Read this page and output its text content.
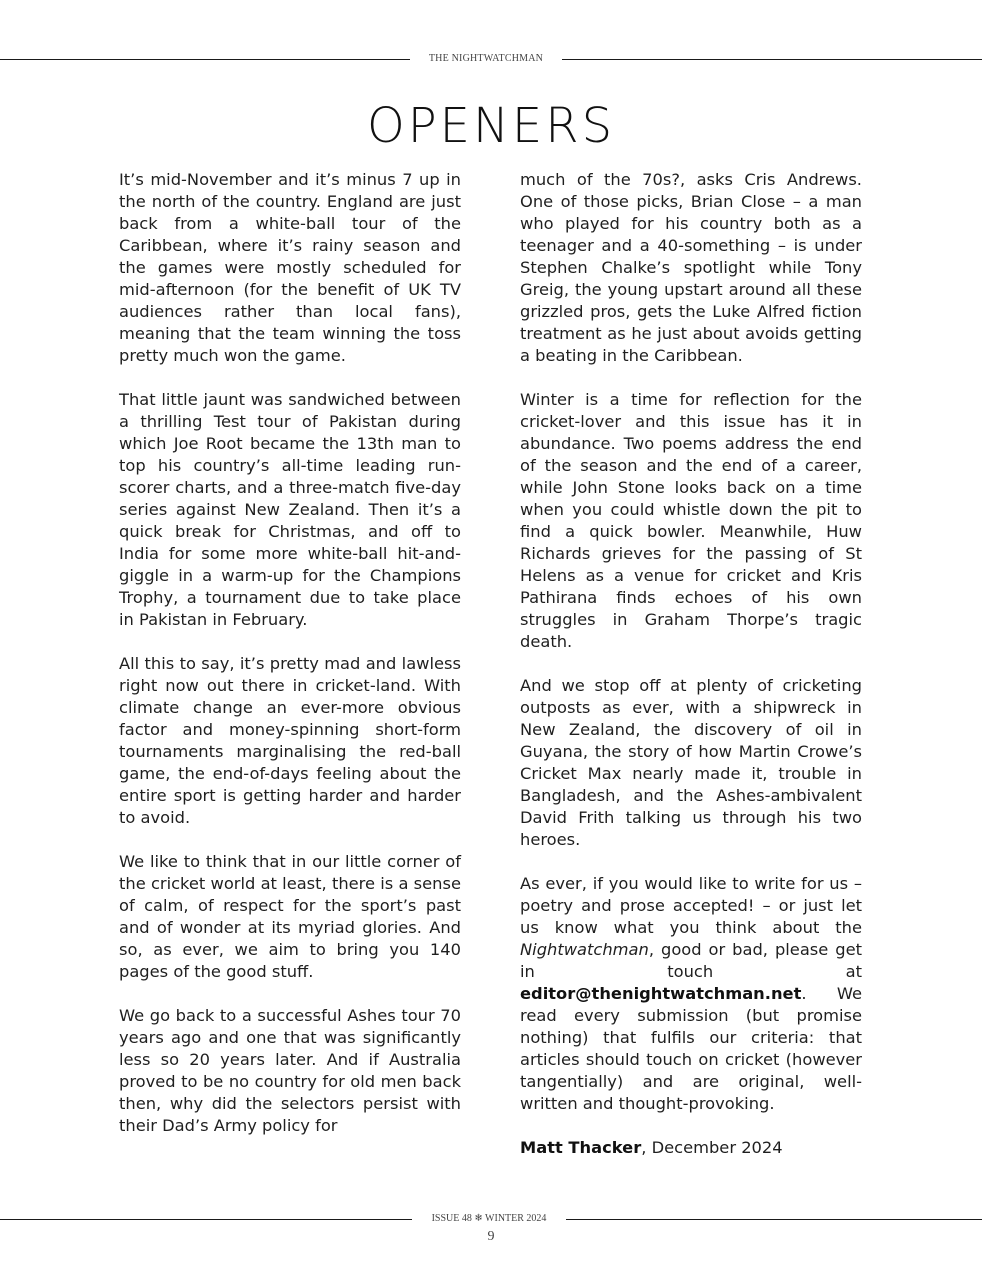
THE NIGHTWATCHMAN
OPENERS

It’s mid-November and it’s minus 7 up in the north of the country. England are just back from a white-ball tour of the Caribbean, where it’s rainy season and the games were mostly scheduled for mid-afternoon (for the benefit of UK TV audiences rather than local fans), meaning that the team winning the toss pretty much won the game.

That little jaunt was sandwiched between a thrilling Test tour of Pakistan during which Joe Root became the 13th man to top his country’s all-time leading run-scorer charts, and a three-match five-day series against New Zealand. Then it’s a quick break for Christmas, and off to India for some more white-ball hit-and-giggle in a warm-up for the Champions Trophy, a tournament due to take place in Pakistan in February.

All this to say, it’s pretty mad and lawless right now out there in cricket-land. With climate change an ever-more obvious factor and money-spinning short-form tournaments marginalising the red-ball game, the end-of-days feeling about the entire sport is getting harder and harder to avoid.

We like to think that in our little corner of the cricket world at least, there is a sense of calm, of respect for the sport’s past and of wonder at its myriad glories. And so, as ever, we aim to bring you 140 pages of the good stuff.

We go back to a successful Ashes tour 70 years ago and one that was significantly less so 20 years later. And if Australia proved to be no country for old men back then, why did the selectors persist with their Dad’s Army policy for

much of the 70s?, asks Cris Andrews. One of those picks, Brian Close – a man who played for his country both as a teenager and a 40-something – is under Stephen Chalke’s spotlight while Tony Greig, the young upstart around all these grizzled pros, gets the Luke Alfred fiction treatment as he just about avoids getting a beating in the Caribbean.

Winter is a time for reflection for the cricket-lover and this issue has it in abundance. Two poems address the end of the season and the end of a career, while John Stone looks back on a time when you could whistle down the pit to find a quick bowler. Meanwhile, Huw Richards grieves for the passing of St Helens as a venue for cricket and Kris Pathirana finds echoes of his own struggles in Graham Thorpe’s tragic death.

And we stop off at plenty of cricketing outposts as ever, with a shipwreck in New Zealand, the discovery of oil in Guyana, the story of how Martin Crowe’s Cricket Max nearly made it, trouble in Bangladesh, and the Ashes-ambivalent David Frith talking us through his two heroes.

As ever, if you would like to write for us – poetry and prose accepted! – or just let us know what you think about the Nightwatchman, good or bad, please get in touch at editor@thenightwatchman.net. We read every submission (but promise nothing) that fulfils our criteria: that articles should touch on cricket (however tangentially) and are original, well-written and thought-provoking.

Matt Thacker, December 2024

ISSUE 48 ❄ WINTER 2024
9
